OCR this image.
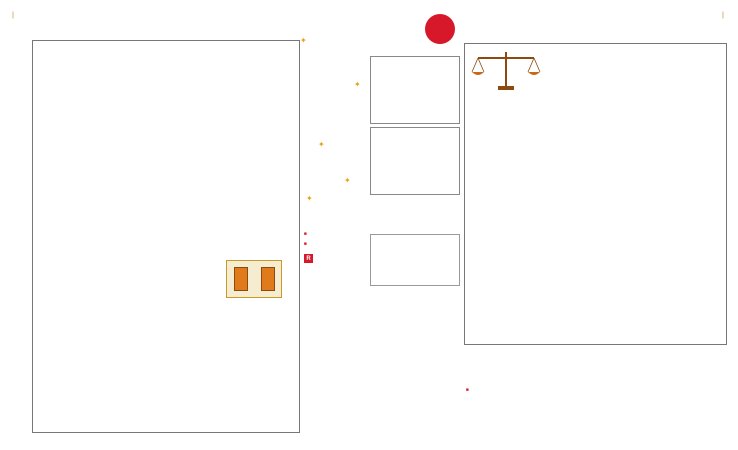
|	|
✦
✦
✦
✦
✦
■
■
R
■
